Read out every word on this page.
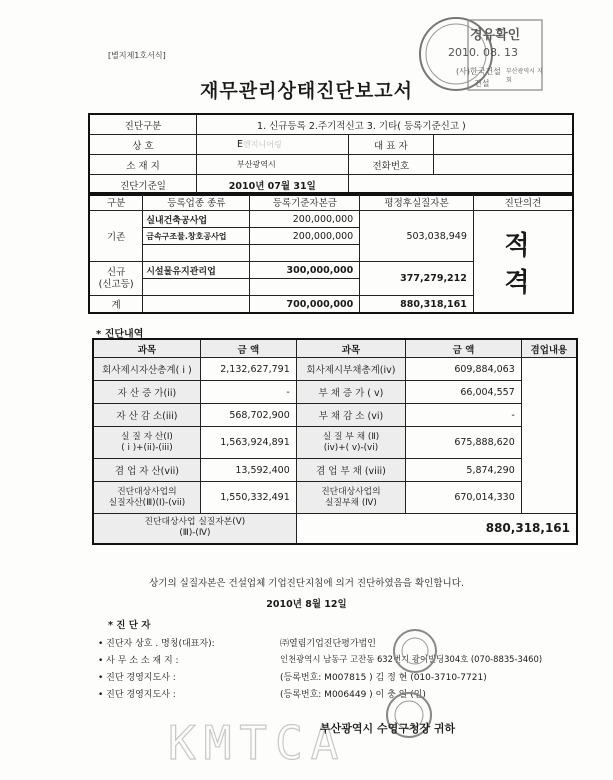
[별지제1호서식]
재무관리상태진단보고서
경유확인
2010. 08. 13
(사)한국건설
건설
부산광역시 지회
진단구분	1. 신규등록 2.주기적신고 3. 기타( 등록기준신고 )		
상 호	E엔지니어링	대 표 자	
소 재 지	부산광역시	전화번호	
진단기준일	2010년 07월 31일		
구분	등록업종 종류	등록기준자본금	평정후실질자본	진단의견
기존	실내건축공사업	200,000,000	503,038,949	적 격
	금속구조물.창호공사업	200,000,000		

신규
(신고등)	시설물유지관리업	300,000,000	377,279,212	

계		700,000,000	880,318,161	
* 진단내역
과목	금 액	과목	금 액	겸업내용
회사제시자산총계( i )	2,132,627,791	회사제시부채총계(iv)	609,884,063	
자 산 증 가(ii)	-	부 채 증 가 ( v)	66,004,557	
자 산 감 소(iii)	568,702,900	부 채 감 소 (vi)	-	
실 질 자 산(Ⅰ)
( i )+(ii)-(iii)	1,563,924,891	실 질 부 채 (Ⅱ)
(iv)+( v)-(vi)	675,888,620	
겸 업 자 산(vii)	13,592,400	겸 업 부 채 (viii)	5,874,290	
진단대상사업의
실질자산(Ⅲ)(Ⅰ)-(vii)	1,550,332,491	진단대상사업의
실질부채 (Ⅳ)	670,014,330	
진단대상사업 실질자본(Ⅴ)
(Ⅲ)-(Ⅳ)		880,318,161		
상기의 실질자본은 건설업체 기업진단지침에 의거 진단하였음을 확인합니다.
2010년 8월 12일
* 진 단 자
• 진단자 상호 . 명칭(대표자):	㈜열림기업진단평가법인
• 사 무 소 소 재 지 :	인천광역시 남동구 고잔동 632번지 광이빌딩304호 (070-8835-3460)
• 진단 경영지도사 :	(등록번호: M007815 ) 김 정 현 (010-3710-7721)
• 진단 경영지도사 :	(등록번호: M006449 ) 이 충 일 (인)
KMTCA
부산광역시 수영구청장 귀하
